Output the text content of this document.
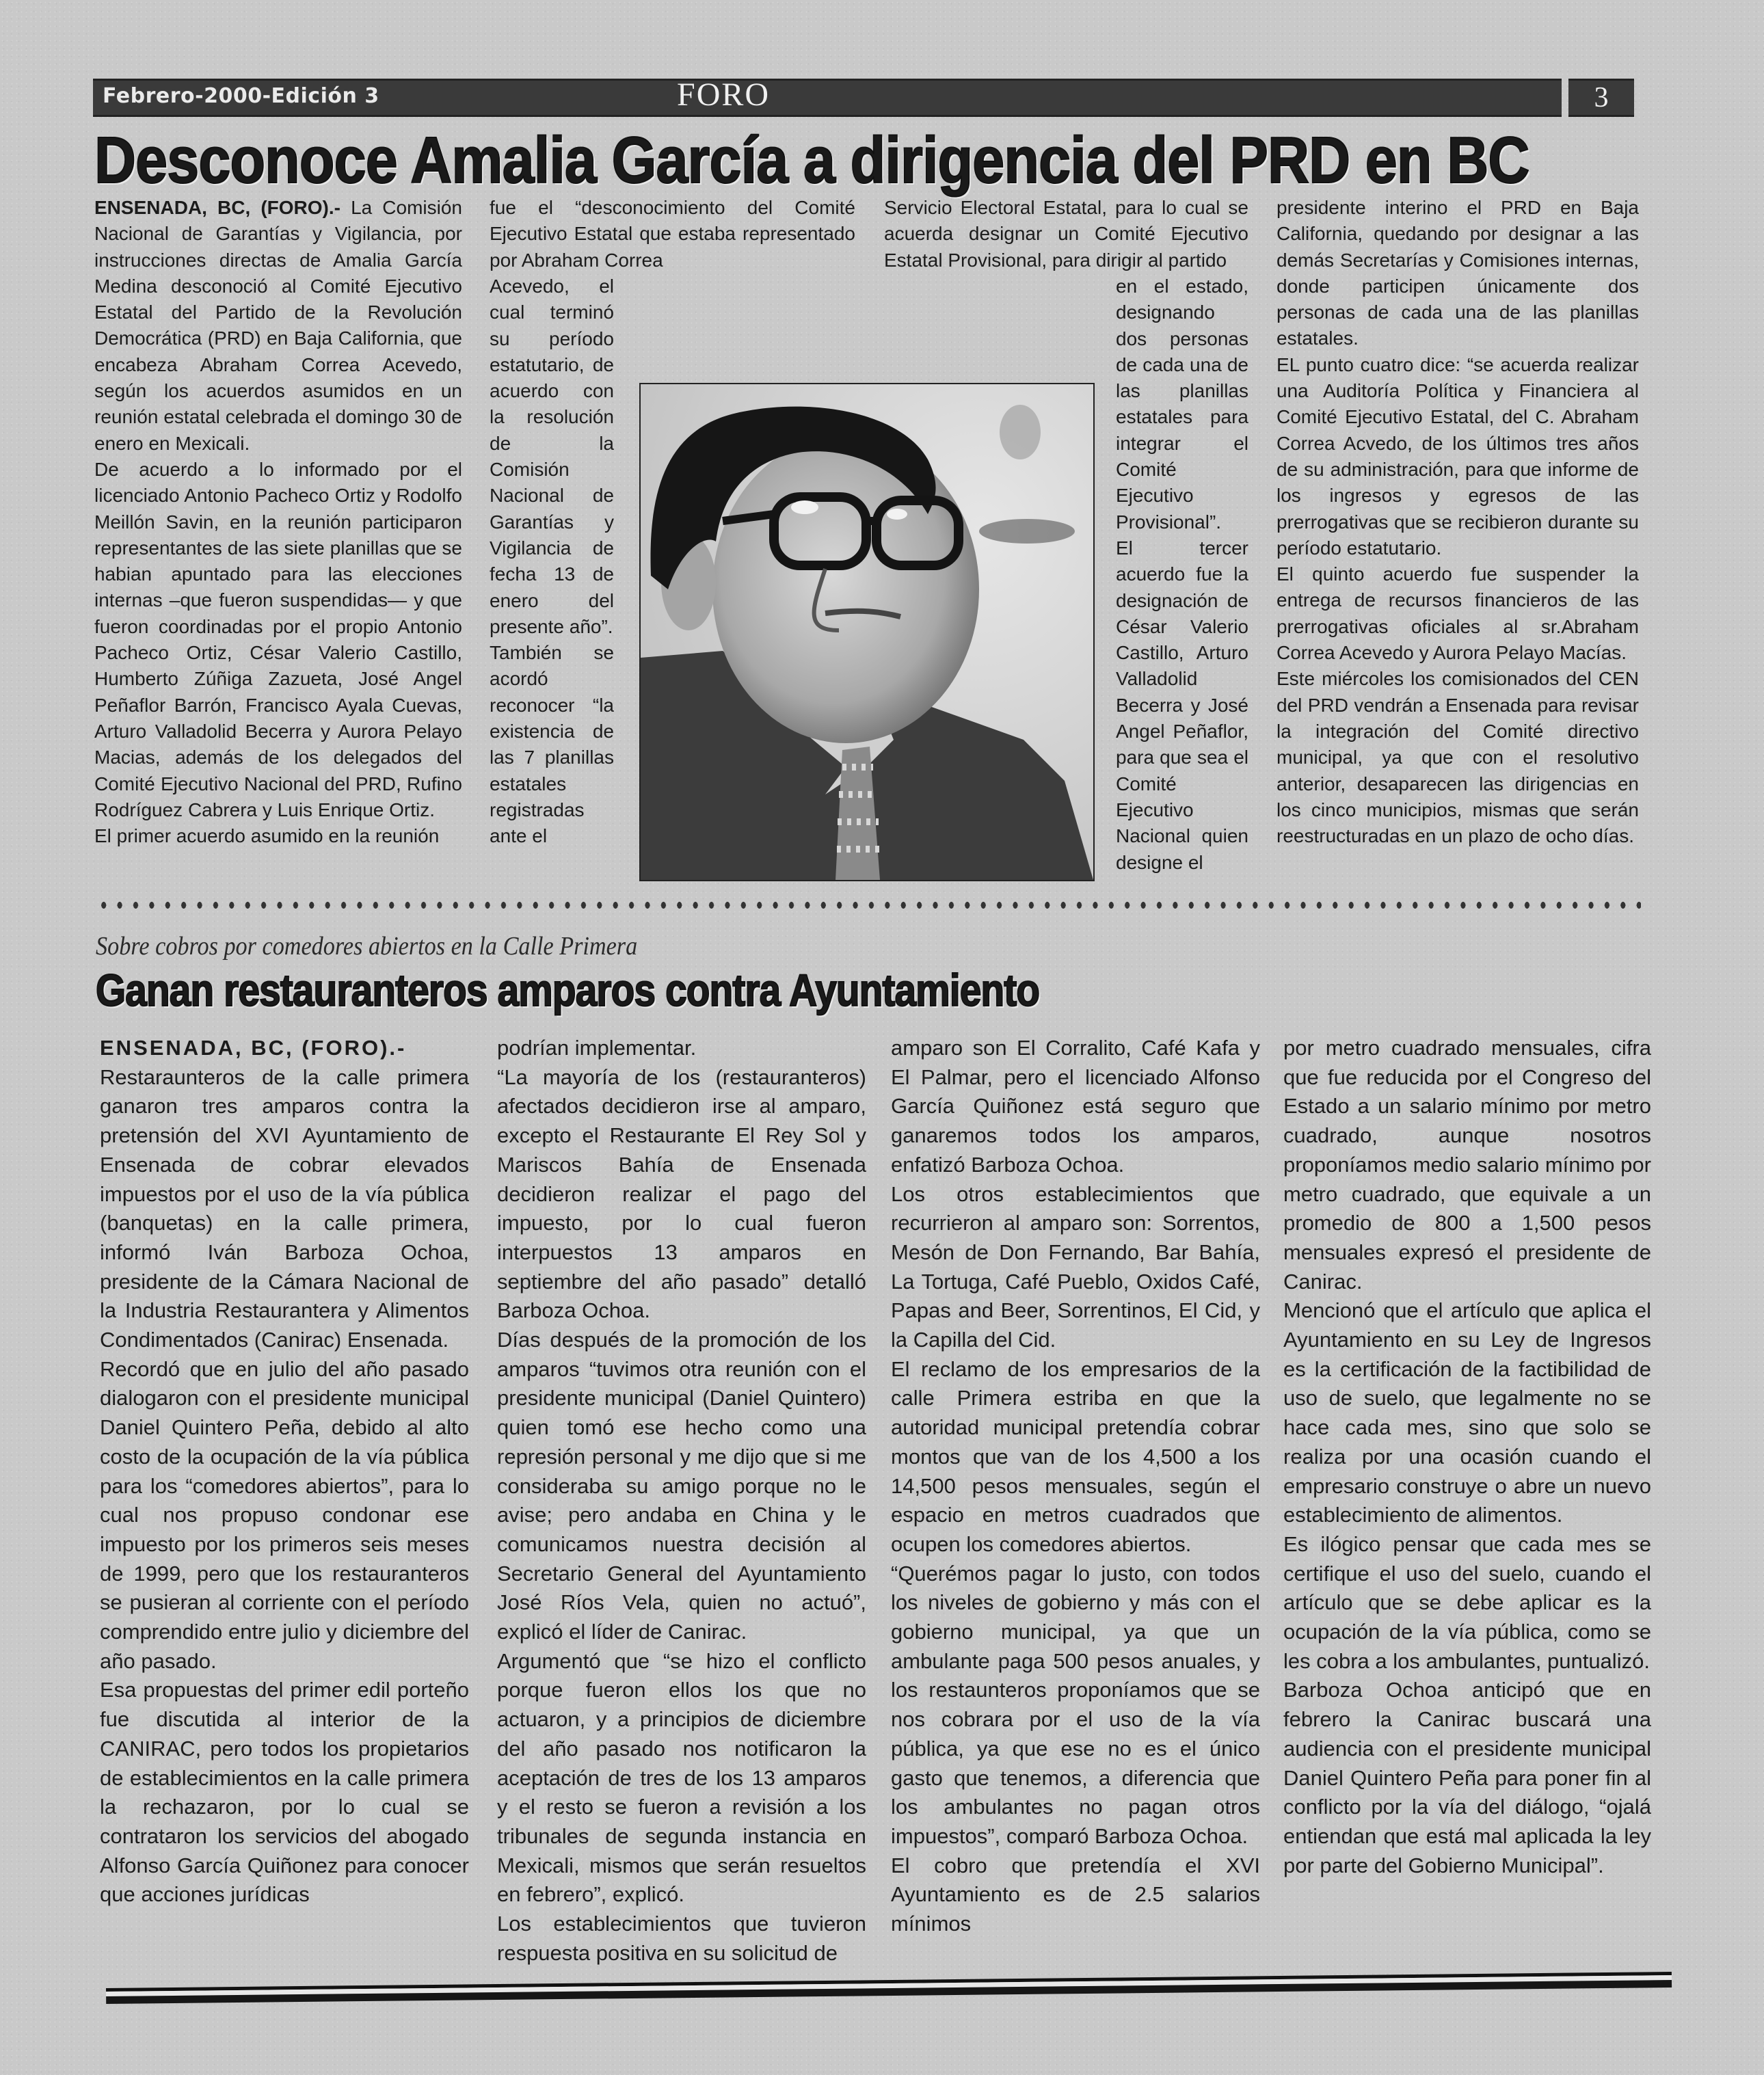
Febrero-2000-Edición 3	FORO	3
Desconoce Amalia García a dirigencia del PRD en BC

ENSENADA, BC, (FORO).- La Comisión Nacional de Garantías y Vigilancia, por instrucciones directas de Amalia García Medina desconoció al Comité Ejecutivo Estatal del Partido de la Revolución Democrática (PRD) en Baja California, que encabeza Abraham Correa Acevedo, según los acuerdos asumidos en un reunión estatal celebrada el domingo 30 de enero en Mexicali.

De acuerdo a lo informado por el licenciado Antonio Pacheco Ortiz y Rodolfo Meillón Savin, en la reunión participaron representantes de las siete planillas que se habian apuntado para las elecciones internas –que fueron suspendidas— y que fueron coordinadas por el propio Antonio Pacheco Ortiz, César Valerio Castillo, Humberto Zúñiga Zazueta, José Angel Peñaflor Barrón, Francisco Ayala Cuevas, Arturo Valladolid Becerra y Aurora Pelayo Macias, además de los delegados del Comité Ejecutivo Nacional del PRD, Rufino Rodríguez Cabrera y Luis Enrique Ortiz.

El primer acuerdo asumido en la reunión

fue el “desconocimiento del Comité Ejecutivo Estatal que estaba representado por Abraham Correa

Acevedo, el cual terminó su período estatutario, de acuerdo con la resolución de la Comisión Nacional de Garantías y Vigilancia de fecha 13 de enero del presente año”.

También se acordó reconocer “la existencia de las 7 planillas estatales registradas ante el

Servicio Electoral Estatal, para lo cual se acuerda designar un Comité Ejecutivo Estatal Provisional, para dirigir al partido

en el estado, designando dos personas de cada una de las planillas estatales para integrar el Comité Ejecutivo Provisional”.

El tercer acuerdo fue la designación de César Valerio Castillo, Arturo Valladolid Becerra y José Angel Peñaflor, para que sea el Comité Ejecutivo Nacional quien designe el

presidente interino el PRD en Baja California, quedando por designar a las demás Secretarías y Comisiones internas, donde participen únicamente dos personas de cada una de las planillas estatales.

EL punto cuatro dice: “se acuerda realizar una Auditoría Política y Financiera al Comité Ejecutivo Estatal, del C. Abraham Correa Acvedo, de los últimos tres años de su administración, para que informe de los ingresos y egresos de las prerrogativas que se recibieron durante su período estatutario.

El quinto acuerdo fue suspender la entrega de recursos financieros de las prerrogativas oficiales al sr.Abraham Correa Acevedo y Aurora Pelayo Macías.

Este miércoles los comisionados del CEN del PRD vendrán a Ensenada para revisar la integración del Comité directivo municipal, ya que con el resolutivo anterior, desaparecen las dirigencias en los cinco municipios, mismas que serán reestructuradas en un plazo de ocho días.

Sobre cobros por comedores abiertos en la Calle Primera
Ganan restauranteros amparos contra Ayuntamiento

ENSENADA, BC, (FORO).-

Restaraunteros de la calle primera ganaron tres amparos contra la pretensión del XVI Ayuntamiento de Ensenada de cobrar elevados impuestos por el uso de la vía pública (banquetas) en la calle primera, informó Iván Barboza Ochoa, presidente de la Cámara Nacional de la Industria Restaurantera y Alimentos Condimentados (Canirac) Ensenada.

Recordó que en julio del año pasado dialogaron con el presidente municipal Daniel Quintero Peña, debido al alto costo de la ocupación de la vía pública para los “comedores abiertos”, para lo cual nos propuso condonar ese impuesto por los primeros seis meses de 1999, pero que los restauranteros se pusieran al corriente con el período comprendido entre julio y diciembre del año pasado.

Esa propuestas del primer edil porteño fue discutida al interior de la CANIRAC, pero todos los propietarios de establecimientos en la calle primera la rechazaron, por lo cual se contrataron los servicios del abogado Alfonso García Quiñonez para conocer que acciones jurídicas

podrían implementar.

“La mayoría de los (restauranteros) afectados decidieron irse al amparo, excepto el Restaurante El Rey Sol y Mariscos Bahía de Ensenada decidieron realizar el pago del impuesto, por lo cual fueron interpuestos 13 amparos en septiembre del año pasado” detalló Barboza Ochoa.

Días después de la promoción de los amparos “tuvimos otra reunión con el presidente municipal (Daniel Quintero) quien tomó ese hecho como una represión personal y me dijo que si me consideraba su amigo porque no le avise; pero andaba en China y le comunicamos nuestra decisión al Secretario General del Ayuntamiento José Ríos Vela, quien no actuó”, explicó el líder de Canirac.

Argumentó que “se hizo el conflicto porque fueron ellos los que no actuaron, y a principios de diciembre del año pasado nos notificaron la aceptación de tres de los 13 amparos y el resto se fueron a revisión a los tribunales de segunda instancia en Mexicali, mismos que serán resueltos en febrero”, explicó.

Los establecimientos que tuvieron respuesta positiva en su solicitud de

amparo son El Corralito, Café Kafa y El Palmar, pero el licenciado Alfonso García Quiñonez está seguro que ganaremos todos los amparos, enfatizó Barboza Ochoa.

Los otros establecimientos que recurrieron al amparo son: Sorrentos, Mesón de Don Fernando, Bar Bahía, La Tortuga, Café Pueblo, Oxidos Café, Papas and Beer, Sorrentinos, El Cid, y la Capilla del Cid.

El reclamo de los empresarios de la calle Primera estriba en que la autoridad municipal pretendía cobrar montos que van de los 4,500 a los 14,500 pesos mensuales, según el espacio en metros cuadrados que ocupen los comedores abiertos.

“Querémos pagar lo justo, con todos los niveles de gobierno y más con el gobierno municipal, ya que un ambulante paga 500 pesos anuales, y los restaunteros proponíamos que se nos cobrara por el uso de la vía pública, ya que ese no es el único gasto que tenemos, a diferencia que los ambulantes no pagan otros impuestos”, comparó Barboza Ochoa.

El cobro que pretendía el XVI Ayuntamiento es de 2.5 salarios mínimos

por metro cuadrado mensuales, cifra que fue reducida por el Congreso del Estado a un salario mínimo por metro cuadrado, aunque nosotros proponíamos medio salario mínimo por metro cuadrado, que equivale a un promedio de 800 a 1,500 pesos mensuales expresó el presidente de Canirac.

Mencionó que el artículo que aplica el Ayuntamiento en su Ley de Ingresos es la certificación de la factibilidad de uso de suelo, que legalmente no se hace cada mes, sino que solo se realiza por una ocasión cuando el empresario construye o abre un nuevo establecimiento de alimentos.

Es ilógico pensar que cada mes se certifique el uso del suelo, cuando el artículo que se debe aplicar es la ocupación de la vía pública, como se les cobra a los ambulantes, puntualizó.

Barboza Ochoa anticipó que en febrero la Canirac buscará una audiencia con el presidente municipal Daniel Quintero Peña para poner fin al conflicto por la vía del diálogo, “ojalá entiendan que está mal aplicada la ley por parte del Gobierno Municipal”.
